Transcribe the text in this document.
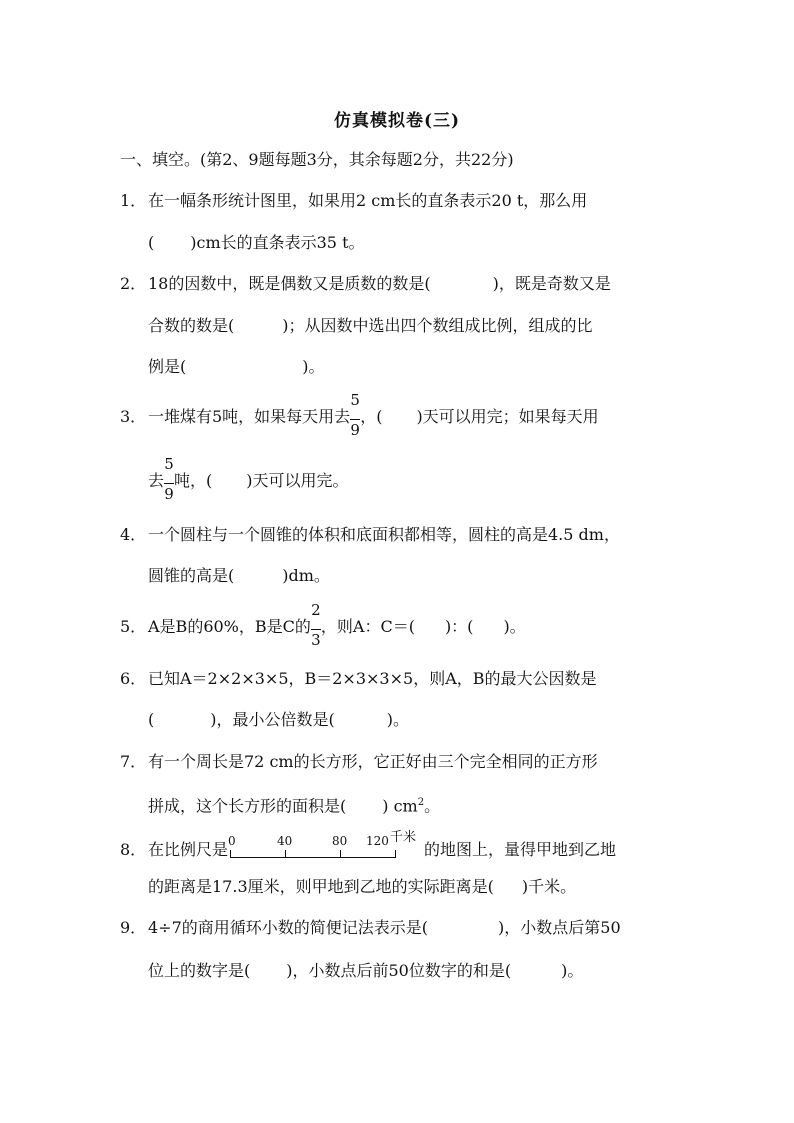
仿真模拟卷(三)
一、填空。(第2、9题每题3分，其余每题2分，共22分)
1． 在一幅条形统计图里，如果用2 cm长的直条表示20 t，那么用
( )cm长的直条表示35 t。
2． 18的因数中，既是偶数又是质数的数是(	)，既是奇数又是
合数的数是(	)；从因数中选出四个数组成比例，组成的比
例是(	)。
3． 一堆煤有5吨，如果每天用去 $\frac{5}{9}$ ，( )天可以用完；如果每天用
去 $\frac{5}{9}$ 吨，( )天可以用完。
4． 一个圆柱与一个圆锥的体积和底面积都相等，圆柱的高是4.5 dm，
圆锥的高是(	)dm。
5． A是B的60%，B是C的 $\frac{2}{3}$ ，则A：C＝( )：( )。
6． 已知A＝2×2×3×5，B＝2×3×3×5，则A，B的最大公因数是
(	)，最小公倍数是(	)。
7． 有一个周长是72 cm的长方形，它正好由三个完全相同的正方形
拼成，这个长方形的面积是( ) $cm^2$。
8． 在比例尺是 0	40	80 120 千米
的地图上，量得甲地到乙地
的距离是17.3厘米，则甲地到乙地的实际距离是( )千米。
9． 4÷7的商用循环小数的简便记法表示是(	)，小数点后第50
位上的数字是( )，小数点后前50位数字的和是(	)。
